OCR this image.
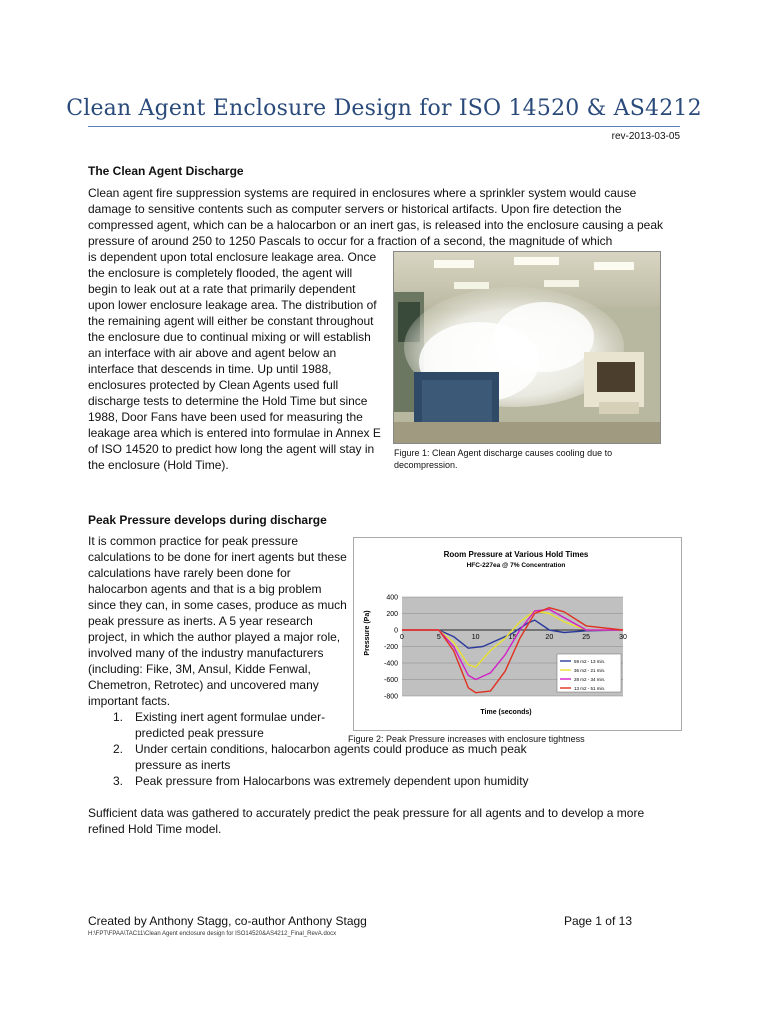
Clean Agent Enclosure Design for ISO 14520 & AS4212
rev-2013-03-05
The Clean Agent Discharge

Clean agent fire suppression systems are required in enclosures where a sprinkler system would cause damage to sensitive contents such as computer servers or historical artifacts. Upon fire detection the compressed agent, which can be a halocarbon or an inert gas, is released into the enclosure causing a peak pressure of around 250 to 1250 Pascals to occur for a fraction of a second, the magnitude of which

is dependent upon total enclosure leakage area. Once the enclosure is completely flooded, the agent will begin to leak out at a rate that primarily dependent upon lower enclosure leakage area. The distribution of the remaining agent will either be constant throughout the enclosure due to continual mixing or will establish an interface with air above and agent below an interface that descends in time. Up until 1988, enclosures protected by Clean Agents used full discharge tests to determine the Hold Time but since 1988, Door Fans have been used for measuring the leakage area which is entered into formulae in Annex E of ISO 14520 to predict how long the agent will stay in the enclosure (Hold Time).

Figure 1: Clean Agent discharge causes cooling due to decompression.
Peak Pressure develops during discharge

It is common practice for peak pressure calculations to be done for inert agents but these calculations have rarely been done for halocarbon agents and that is a big problem since they can, in some cases, produce as much peak pressure as inerts. A 5 year research project, in which the author played a major role, involved many of the industry manufacturers (including: Fike, 3M, Ansul, Kidde Fenwal, Chemetron, Retrotec) and uncovered many important facts.

1. Existing inert agent formulae under-predicted peak pressure
2. Under certain conditions, halocarbon agents could produce as much peak pressure as inerts
3. Peak pressure from Halocarbons was extremely dependent upon humidity
Room Pressure at Various Hold Times
HFC-227ea @ 7% Concentration
Pressure (Pa)
Time (seconds)
400
200
0
-200
-400
-600
-800
0	5	10	15	20	25	30
59 m2 - 13 min.
36 m2 - 21 min.
28 m2 - 34 min.
13 m2 - 51 min.
Figure 2: Peak Pressure increases with enclosure tightness

Sufficient data was gathered to accurately predict the peak pressure for all agents and to develop a more refined Hold Time model.

Created by Anthony Stagg, co-author Anthony Stagg	Page 1 of 13
H:\FPT\FPAA\TAC11\Clean Agent enclosure design for ISO14520&AS4212_Final_RevA.docx
